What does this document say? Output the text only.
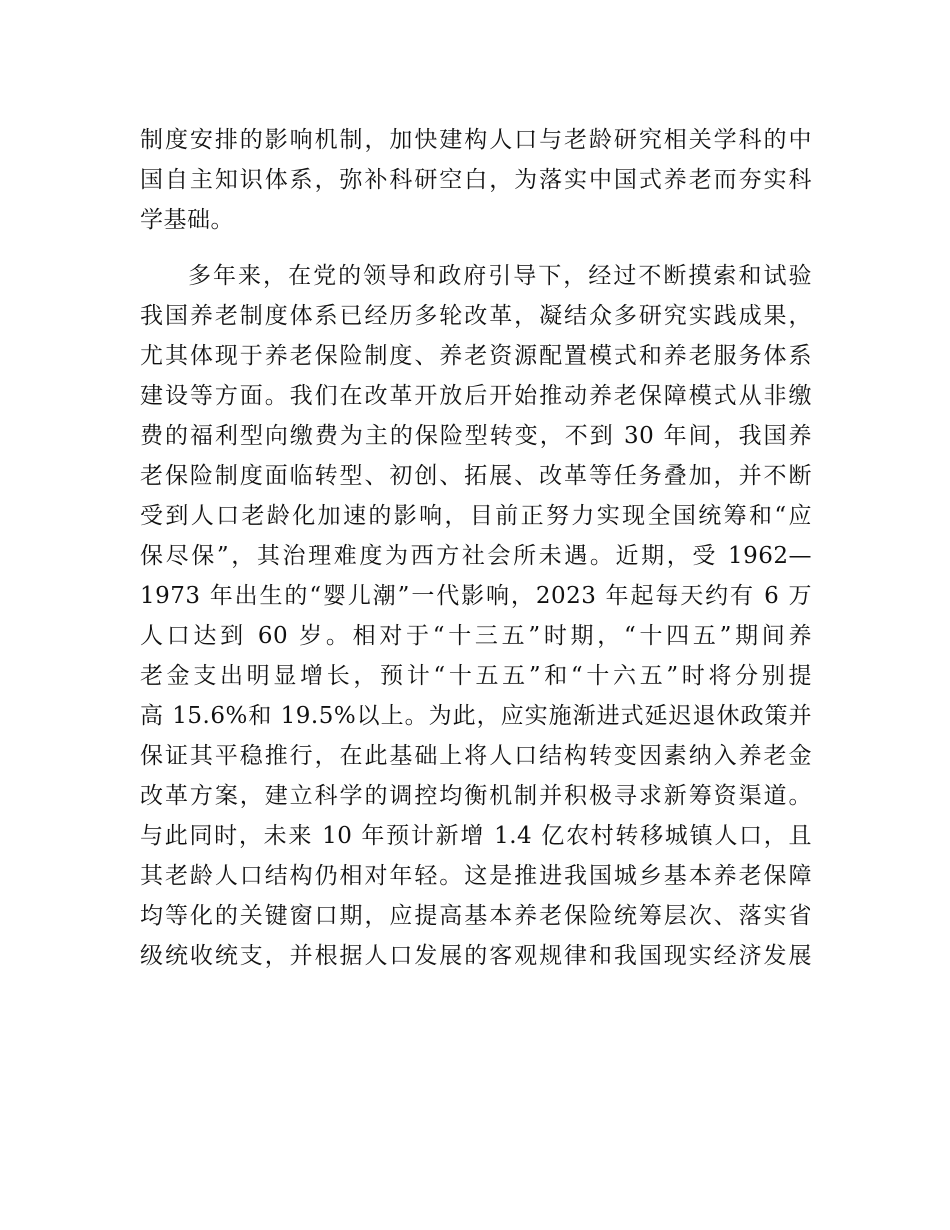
制度安排的影响机制，加快建构人口与老龄研究相关学科的中
国自主知识体系，弥补科研空白，为落实中国式养老而夯实科
学基础。
多年来，在党的领导和政府引导下，经过不断摸索和试验
我国养老制度体系已经历多轮改革，凝结众多研究实践成果，
尤其体现于养老保险制度、养老资源配置模式和养老服务体系
建设等方面。我们在改革开放后开始推动养老保障模式从非缴
费的福利型向缴费为主的保险型转变，不到 30 年间，我国养
老保险制度面临转型、初创、拓展、改革等任务叠加，并不断
受到人口老龄化加速的影响，目前正努力实现全国统筹和“应
保尽保”，其治理难度为西方社会所未遇。近期，受 1962—
1973 年出生的“婴儿潮”一代影响，2023 年起每天约有 6 万
人口达到 60 岁。相对于“十三五”时期，“十四五”期间养
老金支出明显增长，预计“十五五”和“十六五”时将分别提
高 15.6%和 19.5%以上。为此，应实施渐进式延迟退休政策并
保证其平稳推行，在此基础上将人口结构转变因素纳入养老金
改革方案，建立科学的调控均衡机制并积极寻求新筹资渠道。
与此同时，未来 10 年预计新增 1.4 亿农村转移城镇人口，且
其老龄人口结构仍相对年轻。这是推进我国城乡基本养老保障
均等化的关键窗口期，应提高基本养老保险统筹层次、落实省
级统收统支，并根据人口发展的客观规律和我国现实经济发展
